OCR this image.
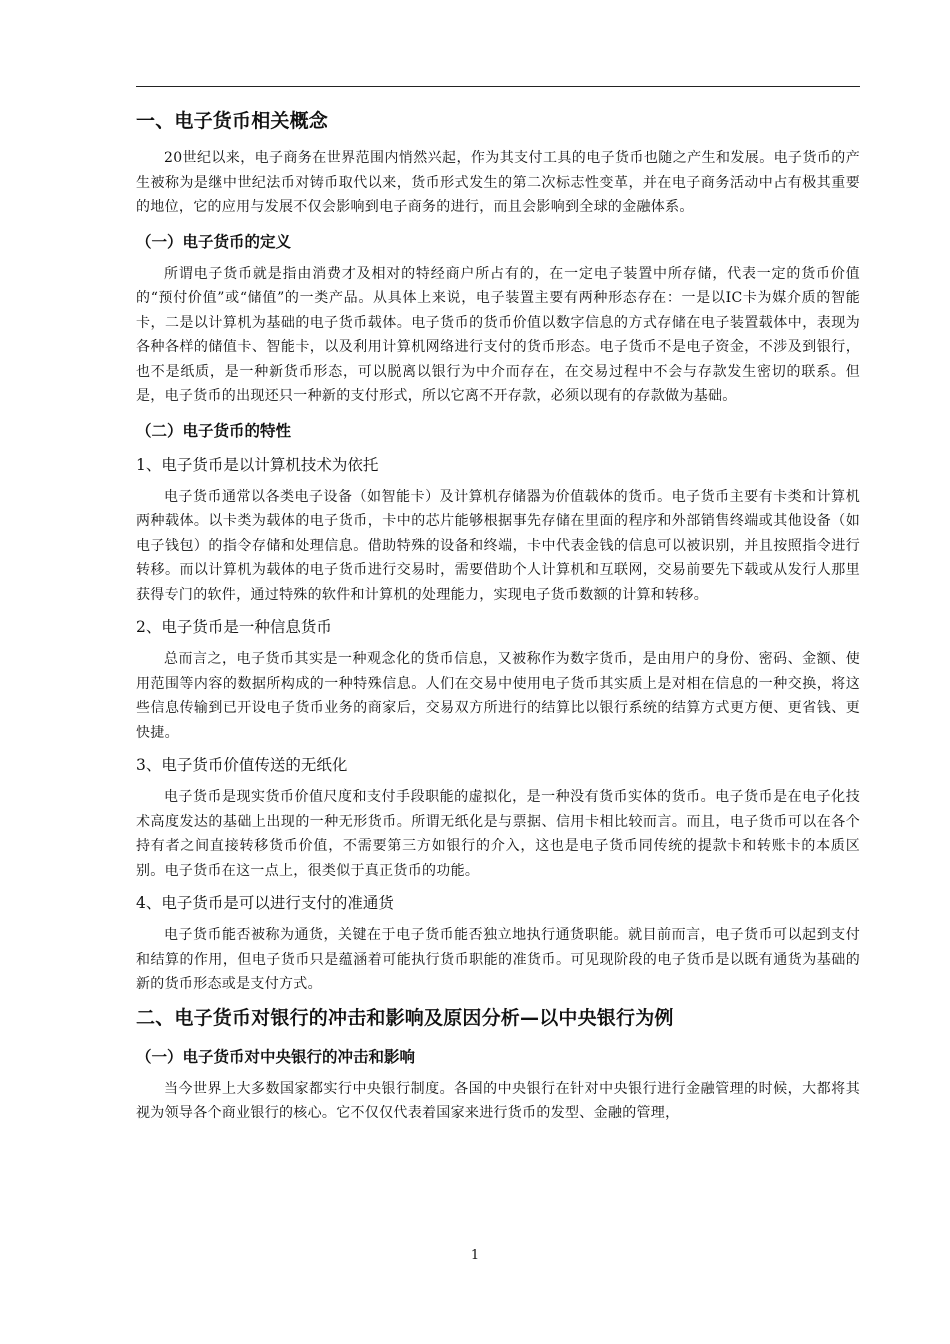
一、电子货币相关概念

20世纪以来，电子商务在世界范围内悄然兴起，作为其支付工具的电子货币也随之产生和发展。电子货币的产生被称为是继中世纪法币对铸币取代以来，货币形式发生的第二次标志性变革，并在电子商务活动中占有极其重要的地位，它的应用与发展不仅会影响到电子商务的进行，而且会影响到全球的金融体系。

（一）电子货币的定义

所谓电子货币就是指由消费才及相对的特经商户所占有的，在一定电子装置中所存储，代表一定的货币价值的“预付价值”或“储值”的一类产品。从具体上来说，电子装置主要有两种形态存在：一是以IC卡为媒介质的智能卡，二是以计算机为基础的电子货币载体。电子货币的货币价值以数字信息的方式存储在电子装置载体中，表现为各种各样的储值卡、智能卡，以及利用计算机网络进行支付的货币形态。电子货币不是电子资金，不涉及到银行，也不是纸质，是一种新货币形态，可以脱离以银行为中介而存在，在交易过程中不会与存款发生密切的联系。但是，电子货币的出现还只一种新的支付形式，所以它离不开存款，必须以现有的存款做为基础。

（二）电子货币的特性
1、电子货币是以计算机技术为依托

电子货币通常以各类电子设备（如智能卡）及计算机存储器为价值载体的货币。电子货币主要有卡类和计算机两种载体。以卡类为载体的电子货币，卡中的芯片能够根据事先存储在里面的程序和外部销售终端或其他设备（如电子钱包）的指令存储和处理信息。借助特殊的设备和终端，卡中代表金钱的信息可以被识别，并且按照指令进行转移。而以计算机为载体的电子货币进行交易时，需要借助个人计算机和互联网，交易前要先下载或从发行人那里获得专门的软件，通过特殊的软件和计算机的处理能力，实现电子货币数额的计算和转移。

2、电子货币是一种信息货币

总而言之，电子货币其实是一种观念化的货币信息，又被称作为数字货币，是由用户的身份、密码、金额、使用范围等内容的数据所构成的一种特殊信息。人们在交易中使用电子货币其实质上是对相在信息的一种交换，将这些信息传输到已开设电子货币业务的商家后，交易双方所进行的结算比以银行系统的结算方式更方便、更省钱、更快捷。

3、电子货币价值传送的无纸化

电子货币是现实货币价值尺度和支付手段职能的虚拟化，是一种没有货币实体的货币。电子货币是在电子化技术高度发达的基础上出现的一种无形货币。所谓无纸化是与票据、信用卡相比较而言。而且，电子货币可以在各个持有者之间直接转移货币价值，不需要第三方如银行的介入，这也是电子货币同传统的提款卡和转账卡的本质区别。电子货币在这一点上，很类似于真正货币的功能。

4、电子货币是可以进行支付的准通货

电子货币能否被称为通货，关键在于电子货币能否独立地执行通货职能。就目前而言，电子货币可以起到支付和结算的作用，但电子货币只是蕴涵着可能执行货币职能的准货币。可见现阶段的电子货币是以既有通货为基础的新的货币形态或是支付方式。

二、电子货币对银行的冲击和影响及原因分析—以中央银行为例
（一）电子货币对中央银行的冲击和影响

当今世界上大多数国家都实行中央银行制度。各国的中央银行在针对中央银行进行金融管理的时候，大都将其视为领导各个商业银行的核心。它不仅仅代表着国家来进行货币的发型、金融的管理，

1
